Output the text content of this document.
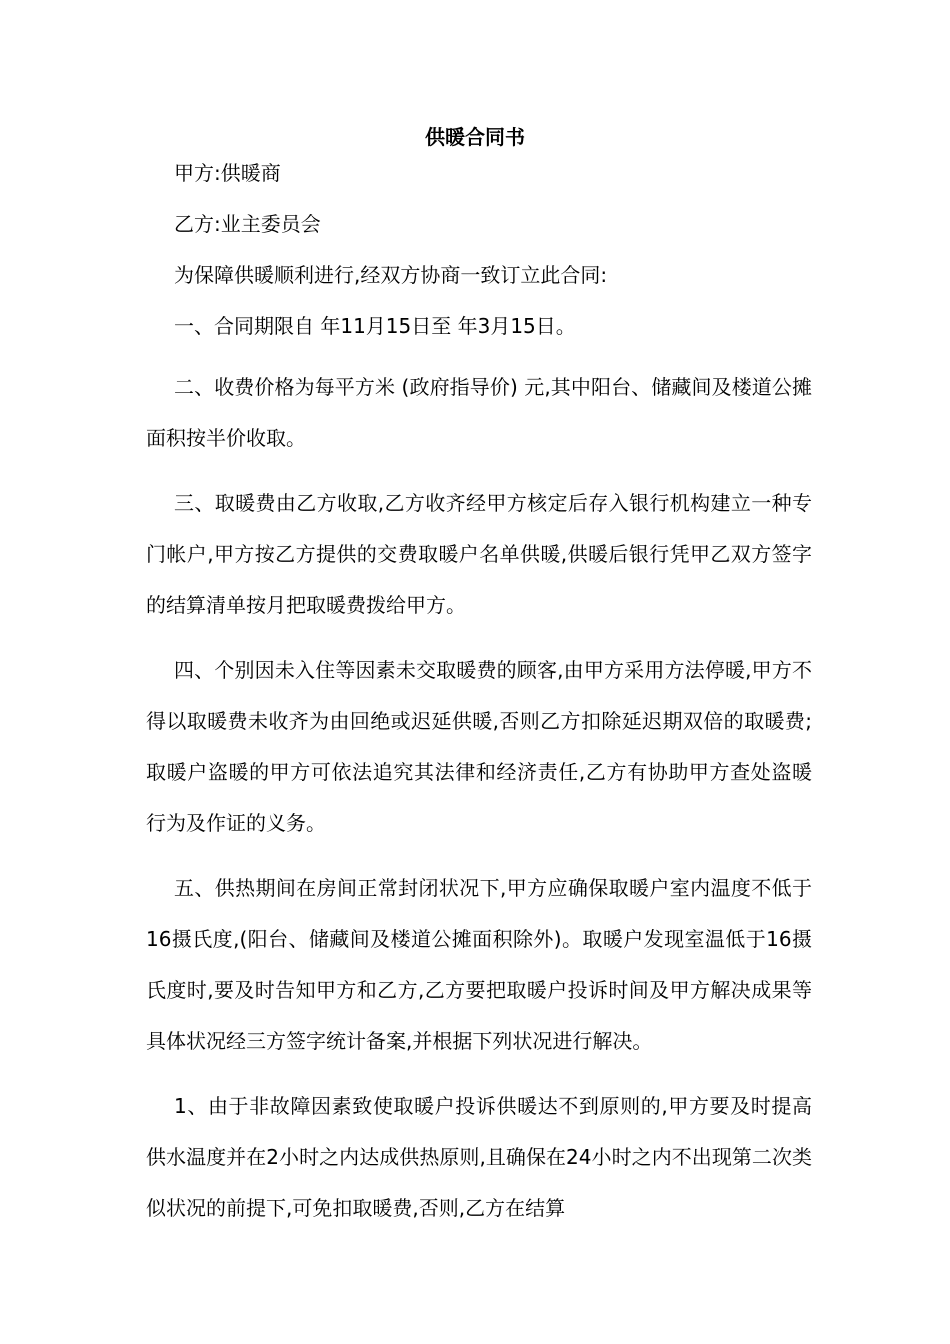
供暖合同书

甲方:供暖商

乙方:业主委员会

为保障供暖顺利进行,经双方协商一致订立此合同:

一、合同期限自 年11月15日至 年3月15日。

二、收费价格为每平方米 (政府指导价) 元,其中阳台、储藏间及楼道公摊面积按半价收取。

三、取暖费由乙方收取,乙方收齐经甲方核定后存入银行机构建立一种专门帐户,甲方按乙方提供的交费取暖户名单供暖,供暖后银行凭甲乙双方签字的结算清单按月把取暖费拨给甲方。

四、个别因未入住等因素未交取暖费的顾客,由甲方采用方法停暖,甲方不得以取暖费未收齐为由回绝或迟延供暖,否则乙方扣除延迟期双倍的取暖费;取暖户盗暖的甲方可依法追究其法律和经济责任,乙方有协助甲方查处盗暖行为及作证的义务。

五、供热期间在房间正常封闭状况下,甲方应确保取暖户室内温度不低于16摄氏度,(阳台、储藏间及楼道公摊面积除外)。取暖户发现室温低于16摄氏度时,要及时告知甲方和乙方,乙方要把取暖户投诉时间及甲方解决成果等具体状况经三方签字统计备案,并根据下列状况进行解决。

1、由于非故障因素致使取暖户投诉供暖达不到原则的,甲方要及时提高供水温度并在2小时之内达成供热原则,且确保在24小时之内不出现第二次类似状况的前提下,可免扣取暖费,否则,乙方在结算
